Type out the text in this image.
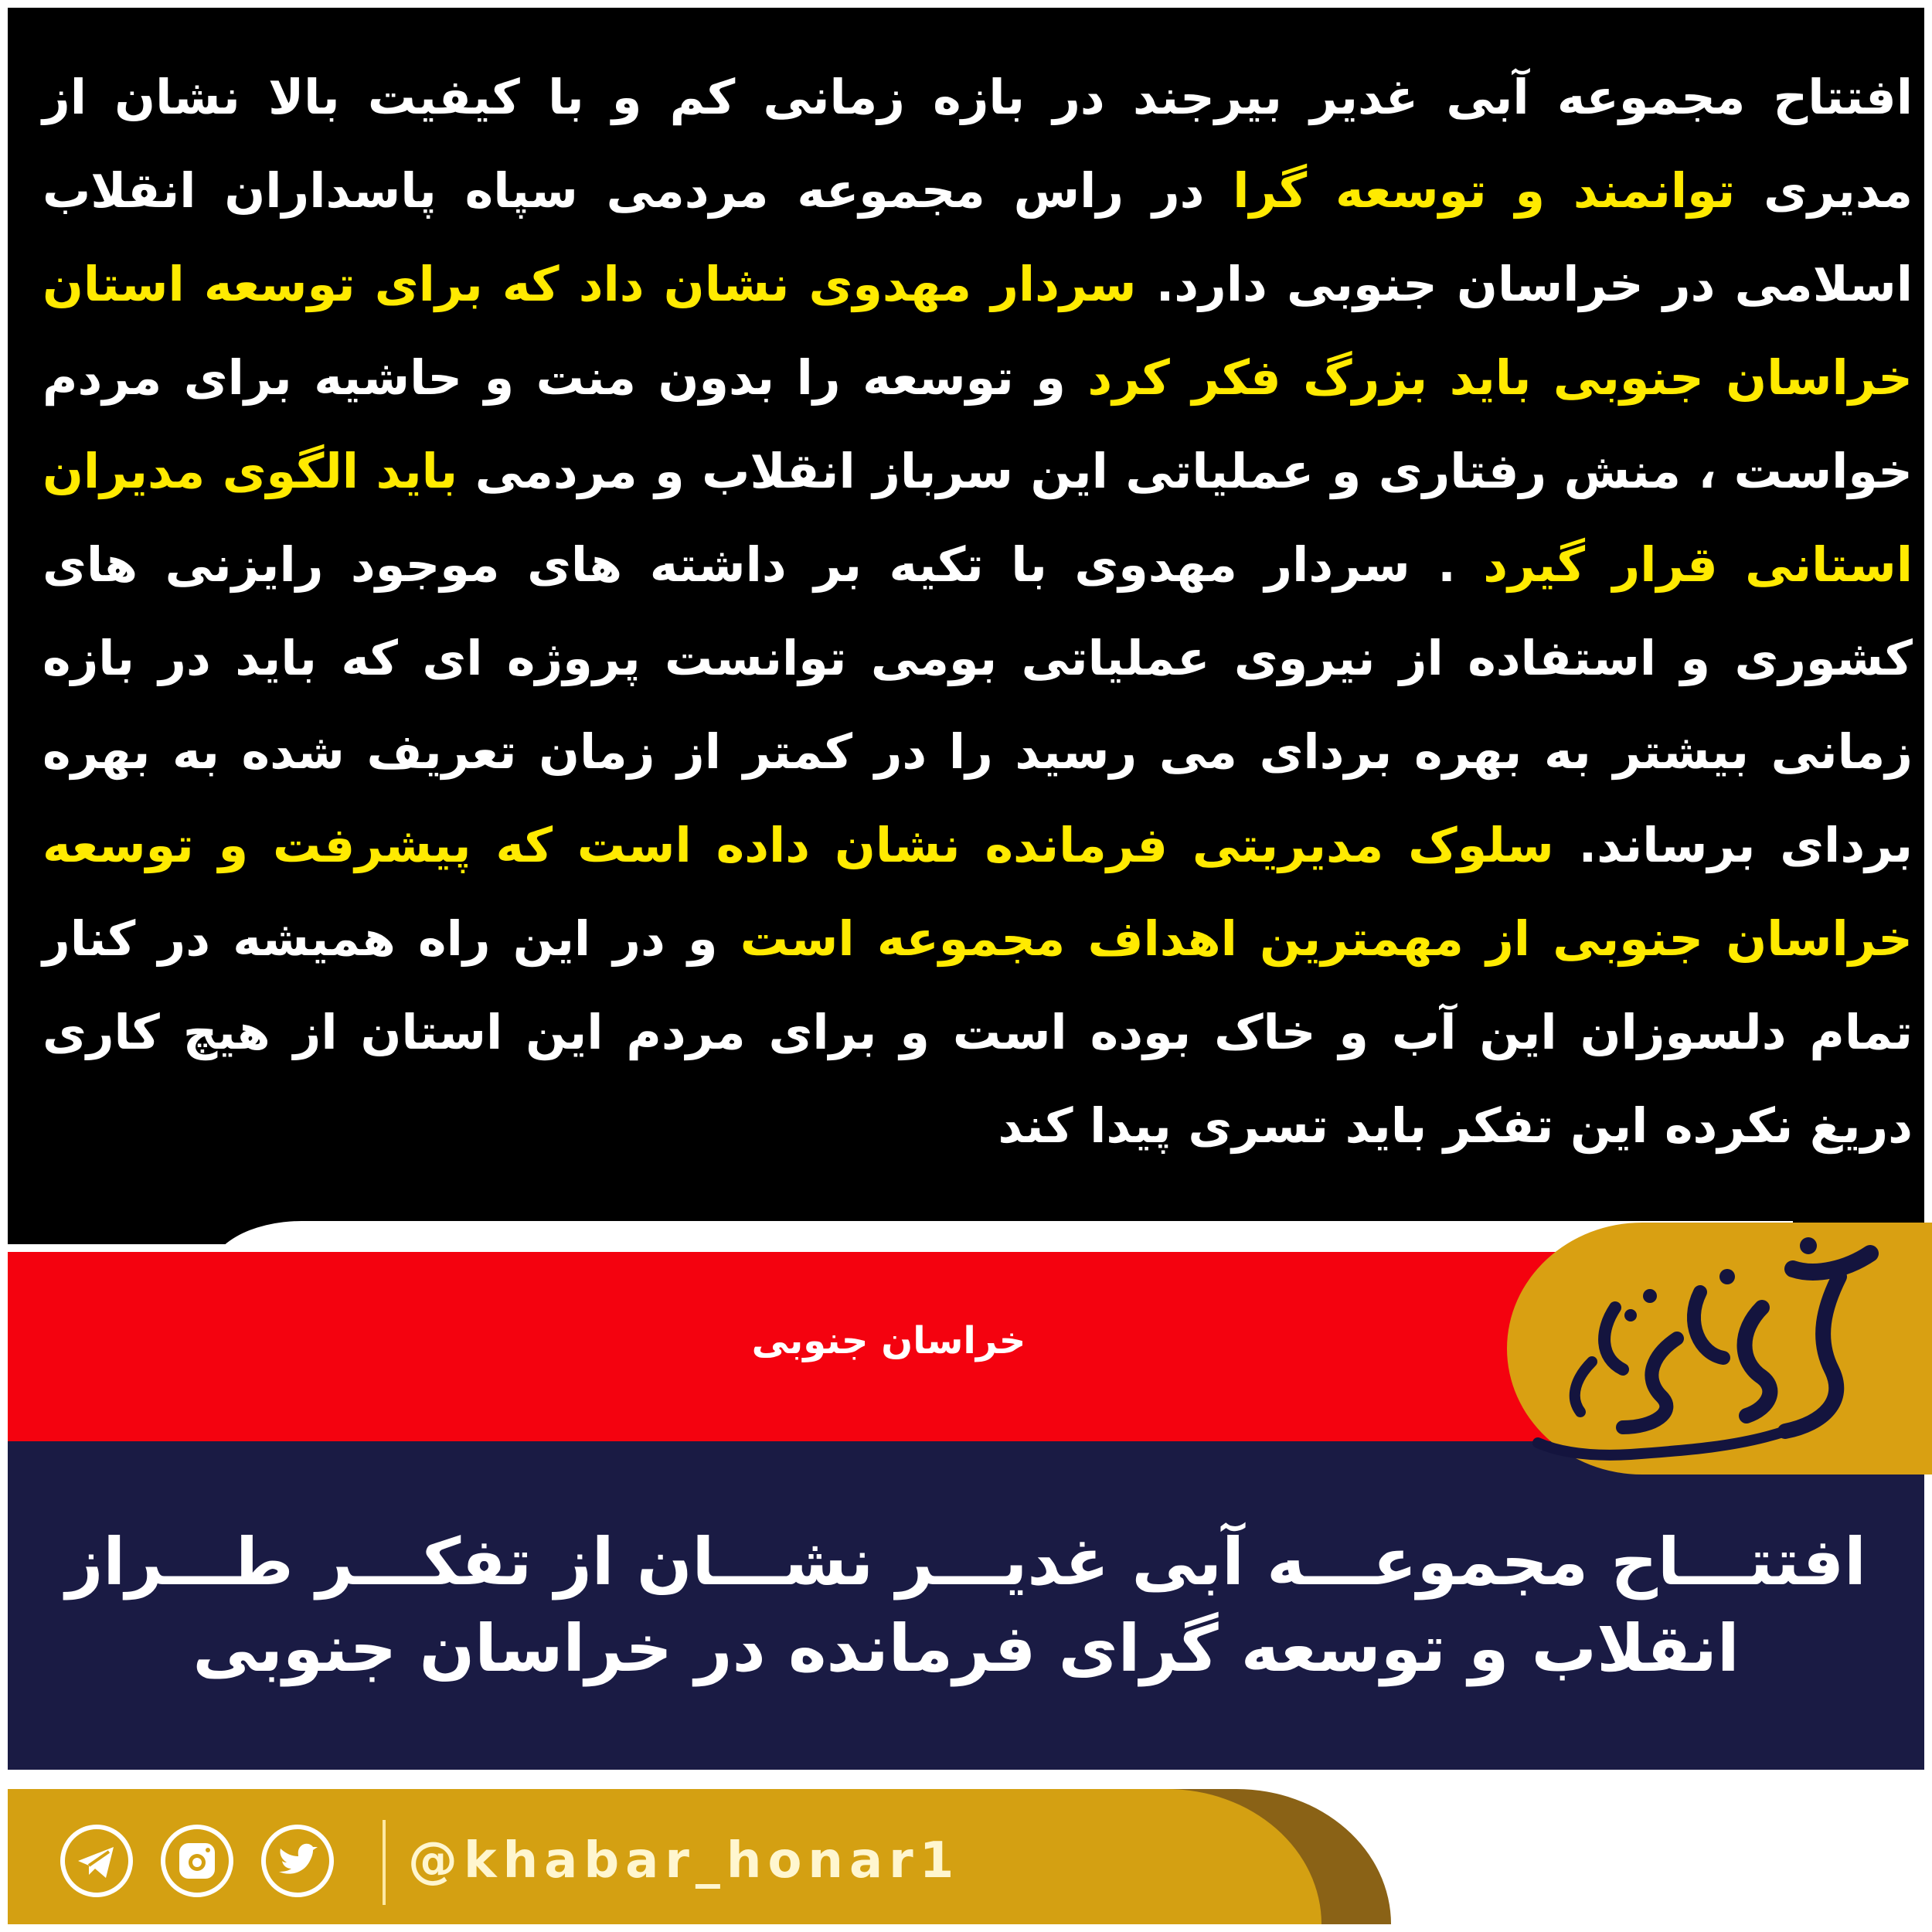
افتتاح مجموعه آبی غدیر بیرجند در بازه زمانی کم و با کیفیت بالا نشان از مدیری توانمند و توسعه گرا در راس مجموعه مردمی سپاه پاسداران انقلاب اسلامی در خراسان جنوبی دارد. سردار مهدوی نشان داد که برای توسعه استان خراسان جنوبی باید بزرگ فکر کرد و توسعه را بدون منت و حاشیه برای مردم خواست ، منش رفتاری و عملیاتی این سرباز انقلاب و مردمی باید الگوی مدیران استانی قرار گیرد . سردار مهدوی با تکیه بر داشته های موجود رایزنی های کشوری و استفاده از نیروی عملیاتی بومی توانست پروژه ای که باید در بازه زمانی بیشتر به بهره بردای می رسید را در کمتر از زمان تعریف شده به بهره بردای برساند. سلوک مدیریتی فرمانده نشان داده است که پیشرفت و توسعه خراسان جنوبی از مهمترین اهداف مجموعه است و در این راه همیشه در کنار تمام دلسوزان این آب و خاک بوده است و برای مردم این استان از هیچ کاری دریغ نکرده این تفکر باید تسری پیدا کند

خراسان جنوبی
افتتـــاح مجموعـــه آبی غدیـــر نشـــان از تفکـــر طـــراز
انقلاب و توسعه گرای فرمانده در خراسان جنوبی
@khabar_honar1
